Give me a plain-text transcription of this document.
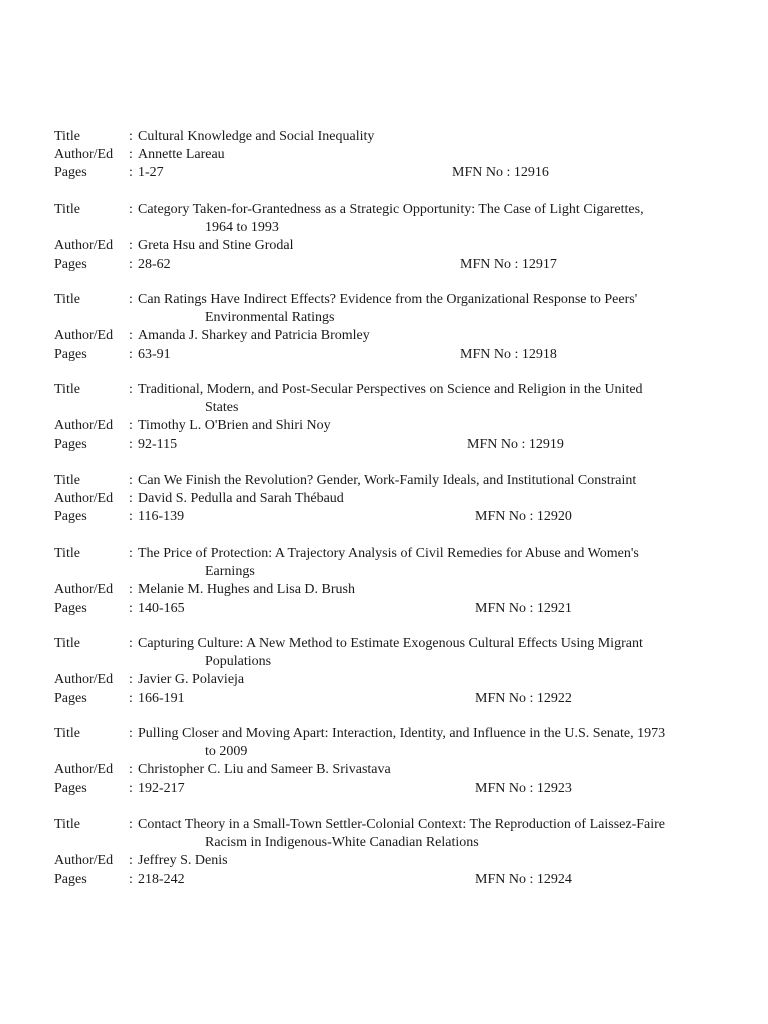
Title	: Cultural Knowledge and Social Inequality
Author/Ed : Annette Lareau
Pages	: 1-27	MFN No : 12916
Title	: Category Taken-for-Grantedness as a Strategic Opportunity: The Case of Light Cigarettes,
1964 to 1993
Author/Ed : Greta Hsu and Stine Grodal
Pages	: 28-62	MFN No : 12917
Title	: Can Ratings Have Indirect Effects? Evidence from the Organizational Response to Peers'
Environmental Ratings
Author/Ed : Amanda J. Sharkey and Patricia Bromley
Pages	: 63-91	MFN No : 12918
Title	: Traditional, Modern, and Post-Secular Perspectives on Science and Religion in the United
States
Author/Ed : Timothy L. O'Brien and Shiri Noy
Pages	: 92-115	MFN No : 12919
Title	: Can We Finish the Revolution? Gender, Work-Family Ideals, and Institutional Constraint
Author/Ed : David S. Pedulla and Sarah Thébaud
Pages	: 116-139	MFN No : 12920
Title	: The Price of Protection: A Trajectory Analysis of Civil Remedies for Abuse and Women's
Earnings
Author/Ed : Melanie M. Hughes and Lisa D. Brush
Pages	: 140-165	MFN No : 12921
Title	: Capturing Culture: A New Method to Estimate Exogenous Cultural Effects Using Migrant
Populations
Author/Ed : Javier G. Polavieja
Pages	: 166-191	MFN No : 12922
Title	: Pulling Closer and Moving Apart: Interaction, Identity, and Influence in the U.S. Senate, 1973
to 2009
Author/Ed : Christopher C. Liu and Sameer B. Srivastava
Pages	: 192-217	MFN No : 12923
Title	: Contact Theory in a Small-Town Settler-Colonial Context: The Reproduction of Laissez-Faire
Racism in Indigenous-White Canadian Relations
Author/Ed : Jeffrey S. Denis
Pages	: 218-242	MFN No : 12924
